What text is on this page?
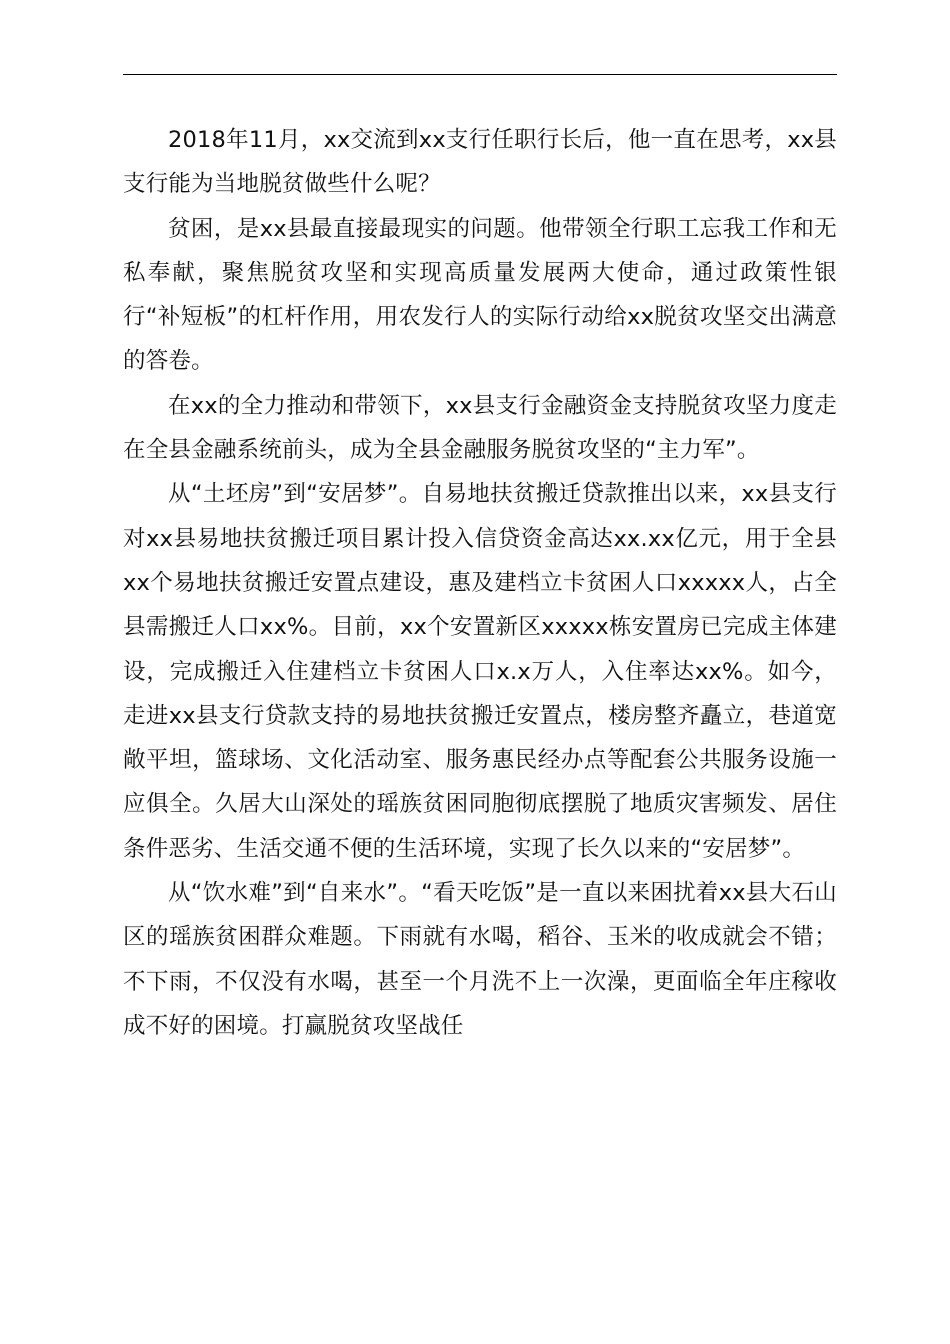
2018年11月，xx交流到xx支行任职行长后，他一直在思考，xx县支行能为当地脱贫做些什么呢？

贫困，是xx县最直接最现实的问题。他带领全行职工忘我工作和无私奉献，聚焦脱贫攻坚和实现高质量发展两大使命，通过政策性银行“补短板”的杠杆作用，用农发行人的实际行动给xx脱贫攻坚交出满意的答卷。

在xx的全力推动和带领下，xx县支行金融资金支持脱贫攻坚力度走在全县金融系统前头，成为全县金融服务脱贫攻坚的“主力军”。

从“土坯房”到“安居梦”。自易地扶贫搬迁贷款推出以来，xx县支行对xx县易地扶贫搬迁项目累计投入信贷资金高达xx.xx亿元，用于全县xx个易地扶贫搬迁安置点建设，惠及建档立卡贫困人口xxxxx人，占全县需搬迁人口xx%。目前，xx个安置新区xxxxx栋安置房已完成主体建设，完成搬迁入住建档立卡贫困人口x.x万人，入住率达xx%。如今，走进xx县支行贷款支持的易地扶贫搬迁安置点，楼房整齐矗立，巷道宽敞平坦，篮球场、文化活动室、服务惠民经办点等配套公共服务设施一应俱全。久居大山深处的瑶族贫困同胞彻底摆脱了地质灾害频发、居住条件恶劣、生活交通不便的生活环境，实现了长久以来的“安居梦”。

从“饮水难”到“自来水”。“看天吃饭”是一直以来困扰着xx县大石山区的瑶族贫困群众难题。下雨就有水喝，稻谷、玉米的收成就会不错；不下雨，不仅没有水喝，甚至一个月洗不上一次澡，更面临全年庄稼收成不好的困境。打赢脱贫攻坚战任
